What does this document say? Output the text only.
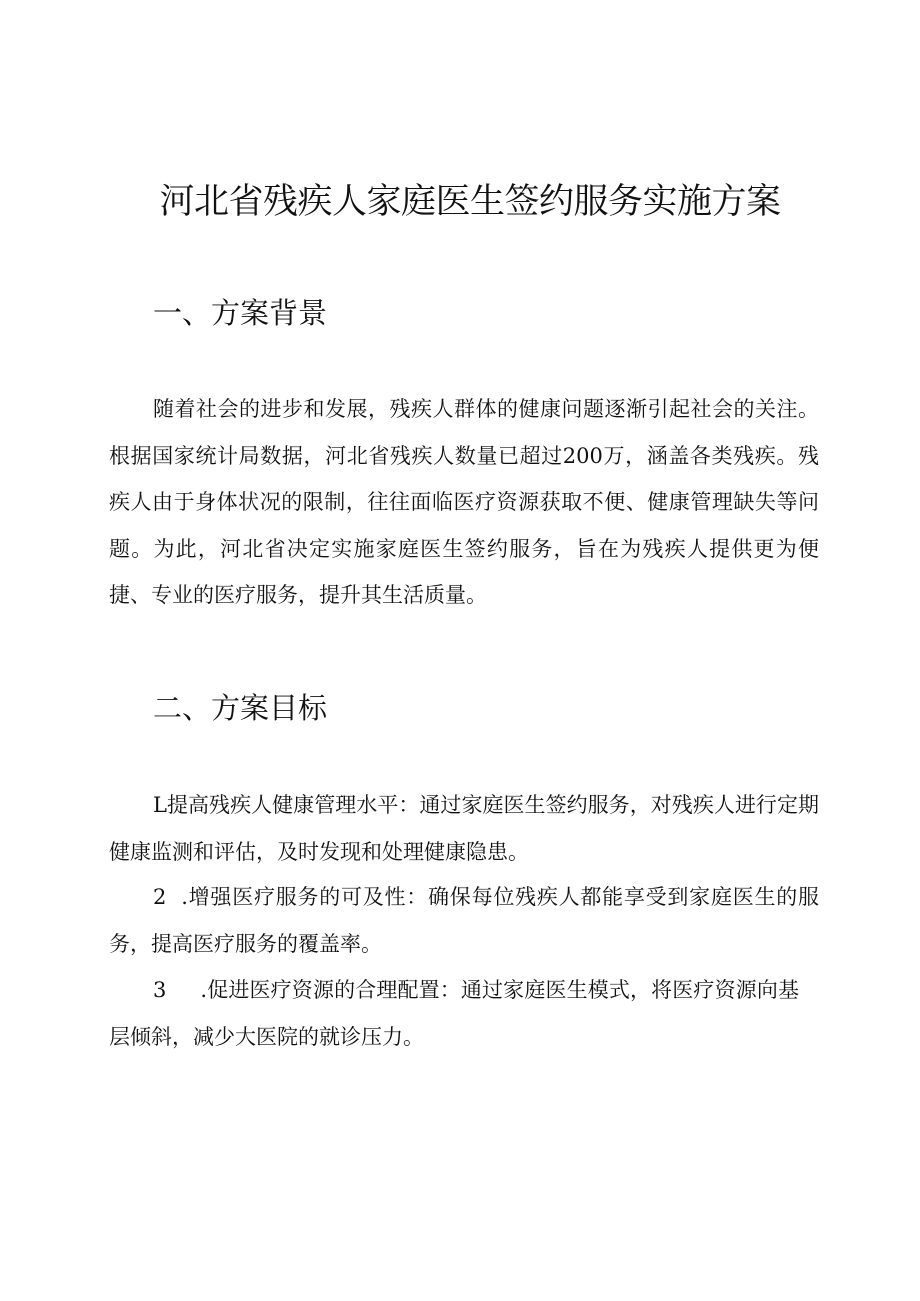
河北省残疾人家庭医生签约服务实施方案
一、方案背景

随着社会的进步和发展，残疾人群体的健康问题逐渐引起社会的关注。根据国家统计局数据，河北省残疾人数量已超过200万，涵盖各类残疾。残疾人由于身体状况的限制，往往面临医疗资源获取不便、健康管理缺失等问题。为此，河北省决定实施家庭医生签约服务，旨在为残疾人提供更为便捷、专业的医疗服务，提升其生活质量。

二、方案目标

L提高残疾人健康管理水平：通过家庭医生签约服务，对残疾人进行定期健康监测和评估，及时发现和处理健康隐患。

2  .增强医疗服务的可及性：确保每位残疾人都能享受到家庭医生的服务，提高医疗服务的覆盖率。

3     .促进医疗资源的合理配置：通过家庭医生模式，将医疗资源向基层倾斜，减少大医院的就诊压力。
